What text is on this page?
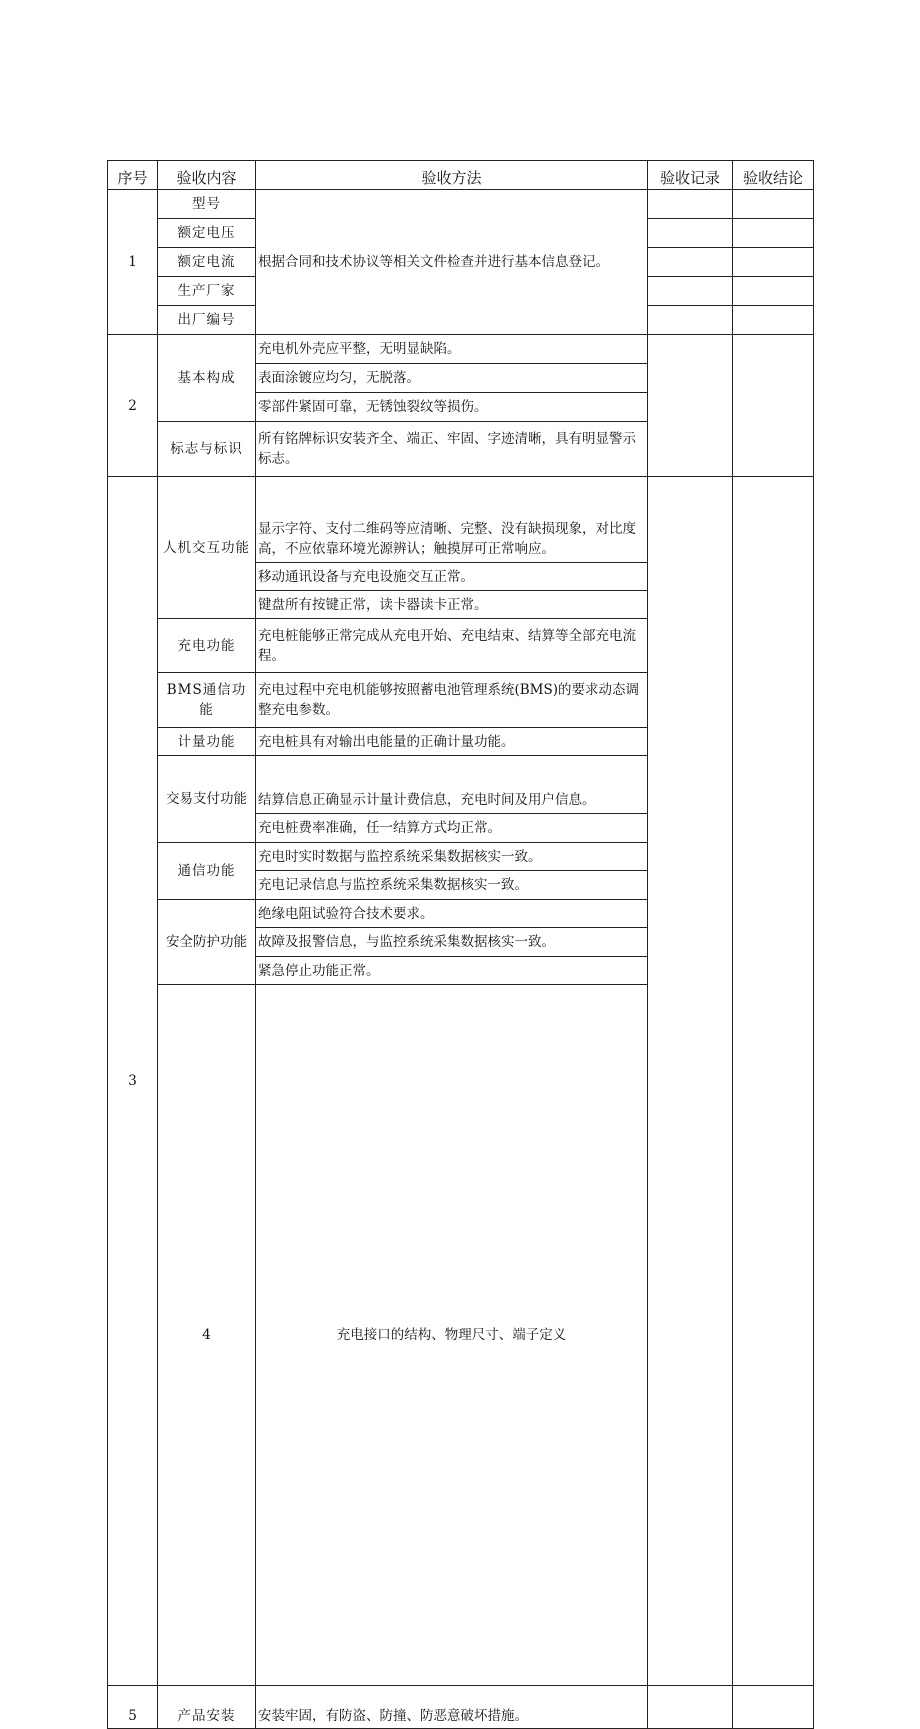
序号	验收内容	验收方法	验收记录	验收结论	
1	型号	根据合同和技术协议等相关文件检查并进行基本信息登记。			
	额定电压				
	额定电流				
	生产厂家				
	出厂编号				
2	基本构成	充电机外壳应平整，无明显缺陷。			
		表面涂镀应均匀，无脱落。			
		零部件紧固可靠，无锈蚀裂纹等损伤。			
	标志与标识	所有铭牌标识安装齐全、端正、牢固、字迹清晰，具有明显警示标志。			
3	人机交互功能	显示字符、支付二维码等应清晰、完整、没有缺损现象，对比度高，不应依靠环境光源辨认；触摸屏可正常响应。			
		移动通讯设备与充电设施交互正常。			
		键盘所有按键正常，读卡器读卡正常。			
	充电功能	充电桩能够正常完成从充电开始、充电结束、结算等全部充电流程。			
	BMS通信功能	充电过程中充电机能够按照蓄电池管理系统(BMS)的要求动态调整充电参数。			
	计量功能	充电桩具有对输出电能量的正确计量功能。			
	交易支付功能	结算信息正确显示计量计费信息，充电时间及用户信息。			
		充电桩费率准确，任一结算方式均正常。			
	通信功能	充电时实时数据与监控系统采集数据核实一致。			
		充电记录信息与监控系统采集数据核实一致。			
	安全防护功能	绝缘电阻试验符合技术要求。			
		故障及报警信息，与监控系统采集数据核实一致。			
		紧急停止功能正常。			
	4	充电接口的结构、物理尺寸、端子定义			
5	产品安装	安装牢固，有防盗、防撞、防恶意破坏措施。			
